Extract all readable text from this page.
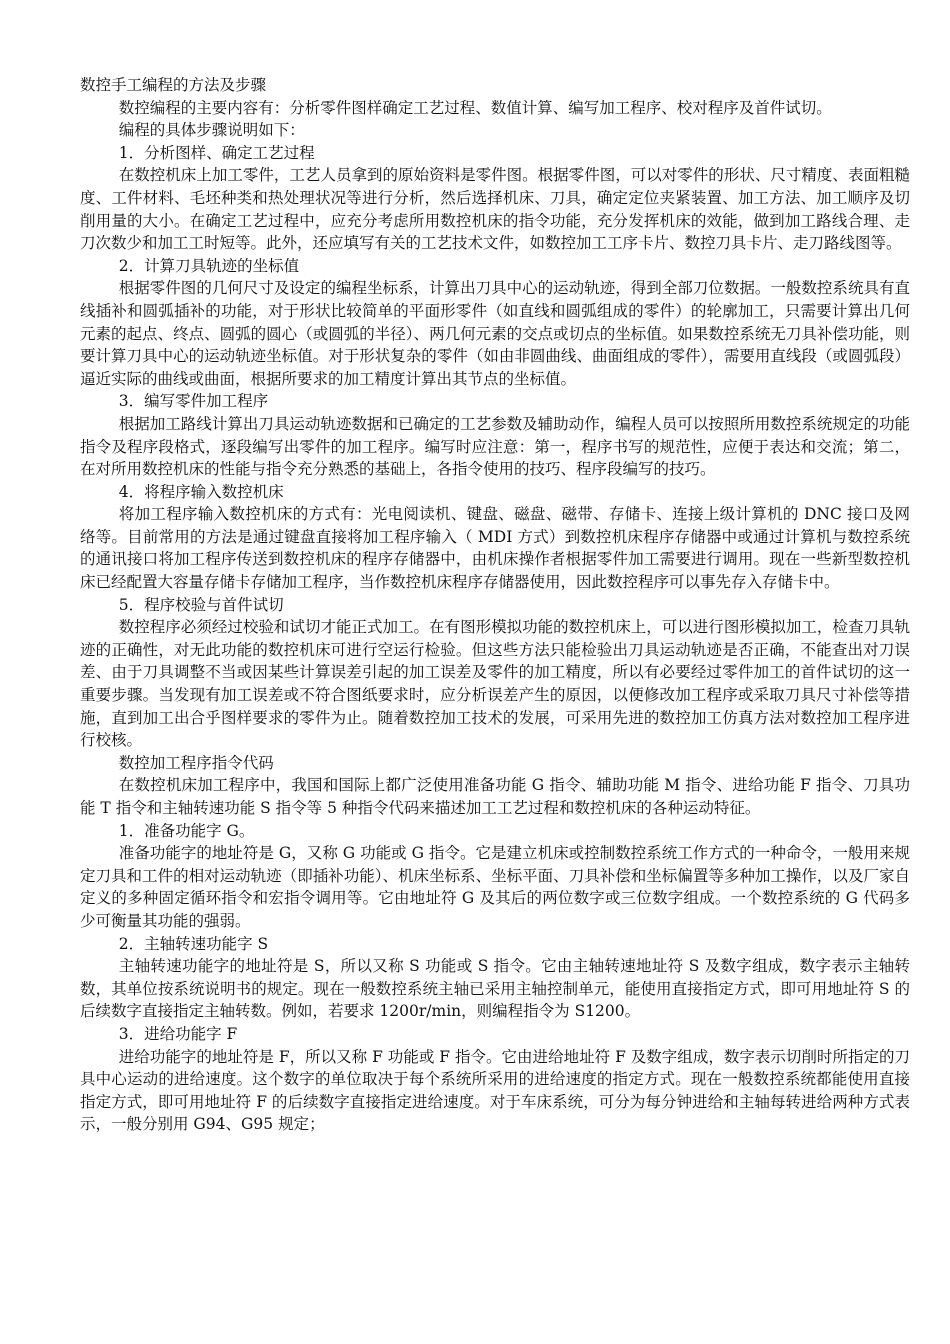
数控手工编程的方法及步骤

数控编程的主要内容有：分析零件图样确定工艺过程、数值计算、编写加工程序、校对程序及首件试切。

编程的具体步骤说明如下：

1．分析图样、确定工艺过程

在数控机床上加工零件，工艺人员拿到的原始资料是零件图。根据零件图，可以对零件的形状、尺寸精度、表面粗糙度、工件材料、毛坯种类和热处理状况等进行分析，然后选择机床、刀具，确定定位夹紧装置、加工方法、加工顺序及切削用量的大小。在确定工艺过程中，应充分考虑所用数控机床的指令功能，充分发挥机床的效能，做到加工路线合理、走刀次数少和加工工时短等。此外，还应填写有关的工艺技术文件，如数控加工工序卡片、数控刀具卡片、走刀路线图等。

2．计算刀具轨迹的坐标值

根据零件图的几何尺寸及设定的编程坐标系，计算出刀具中心的运动轨迹，得到全部刀位数据。一般数控系统具有直线插补和圆弧插补的功能，对于形状比较简单的平面形零件（如直线和圆弧组成的零件）的轮廓加工，只需要计算出几何元素的起点、终点、圆弧的圆心（或圆弧的半径）、两几何元素的交点或切点的坐标值。如果数控系统无刀具补偿功能，则要计算刀具中心的运动轨迹坐标值。对于形状复杂的零件（如由非圆曲线、曲面组成的零件），需要用直线段（或圆弧段）逼近实际的曲线或曲面，根据所要求的加工精度计算出其节点的坐标值。

3．编写零件加工程序

根据加工路线计算出刀具运动轨迹数据和已确定的工艺参数及辅助动作，编程人员可以按照所用数控系统规定的功能指令及程序段格式，逐段编写出零件的加工程序。编写时应注意：第一，程序书写的规范性，应便于表达和交流；第二，在对所用数控机床的性能与指令充分熟悉的基础上，各指令使用的技巧、程序段编写的技巧。

4．将程序输入数控机床

将加工程序输入数控机床的方式有：光电阅读机、键盘、磁盘、磁带、存储卡、连接上级计算机的 DNC 接口及网络等。目前常用的方法是通过键盘直接将加工程序输入（ MDI 方式）到数控机床程序存储器中或通过计算机与数控系统的通讯接口将加工程序传送到数控机床的程序存储器中，由机床操作者根据零件加工需要进行调用。现在一些新型数控机床已经配置大容量存储卡存储加工程序，当作数控机床程序存储器使用，因此数控程序可以事先存入存储卡中。

5．程序校验与首件试切

数控程序必须经过校验和试切才能正式加工。在有图形模拟功能的数控机床上，可以进行图形模拟加工，检查刀具轨迹的正确性，对无此功能的数控机床可进行空运行检验。但这些方法只能检验出刀具运动轨迹是否正确，不能查出对刀误差、由于刀具调整不当或因某些计算误差引起的加工误差及零件的加工精度，所以有必要经过零件加工的首件试切的这一重要步骤。当发现有加工误差或不符合图纸要求时，应分析误差产生的原因，以便修改加工程序或采取刀具尺寸补偿等措施，直到加工出合乎图样要求的零件为止。随着数控加工技术的发展，可采用先进的数控加工仿真方法对数控加工程序进行校核。

数控加工程序指令代码

在数控机床加工程序中，我国和国际上都广泛使用准备功能 G 指令、辅助功能 M 指令、进给功能 F 指令、刀具功能 T 指令和主轴转速功能 S 指令等 5 种指令代码来描述加工工艺过程和数控机床的各种运动特征。

1．准备功能字 G。

准备功能字的地址符是 G，又称 G 功能或 G 指令。它是建立机床或控制数控系统工作方式的一种命令，一般用来规定刀具和工件的相对运动轨迹（即插补功能）、机床坐标系、坐标平面、刀具补偿和坐标偏置等多种加工操作，以及厂家自定义的多种固定循环指令和宏指令调用等。它由地址符 G 及其后的两位数字或三位数字组成。一个数控系统的 G 代码多少可衡量其功能的强弱。

2．主轴转速功能字 S

主轴转速功能字的地址符是 S，所以又称 S 功能或 S 指令。它由主轴转速地址符 S 及数字组成，数字表示主轴转数，其单位按系统说明书的规定。现在一般数控系统主轴已采用主轴控制单元，能使用直接指定方式，即可用地址符 S 的后续数字直接指定主轴转数。例如，若要求 1200r/min，则编程指令为 S1200。

3．进给功能字 F

进给功能字的地址符是 F，所以又称 F 功能或 F 指令。它由进给地址符 F 及数字组成，数字表示切削时所指定的刀具中心运动的进给速度。这个数字的单位取决于每个系统所采用的进给速度的指定方式。现在一般数控系统都能使用直接指定方式，即可用地址符 F 的后续数字直接指定进给速度。对于车床系统，可分为每分钟进给和主轴每转进给两种方式表示，一般分别用 G94、G95 规定；
